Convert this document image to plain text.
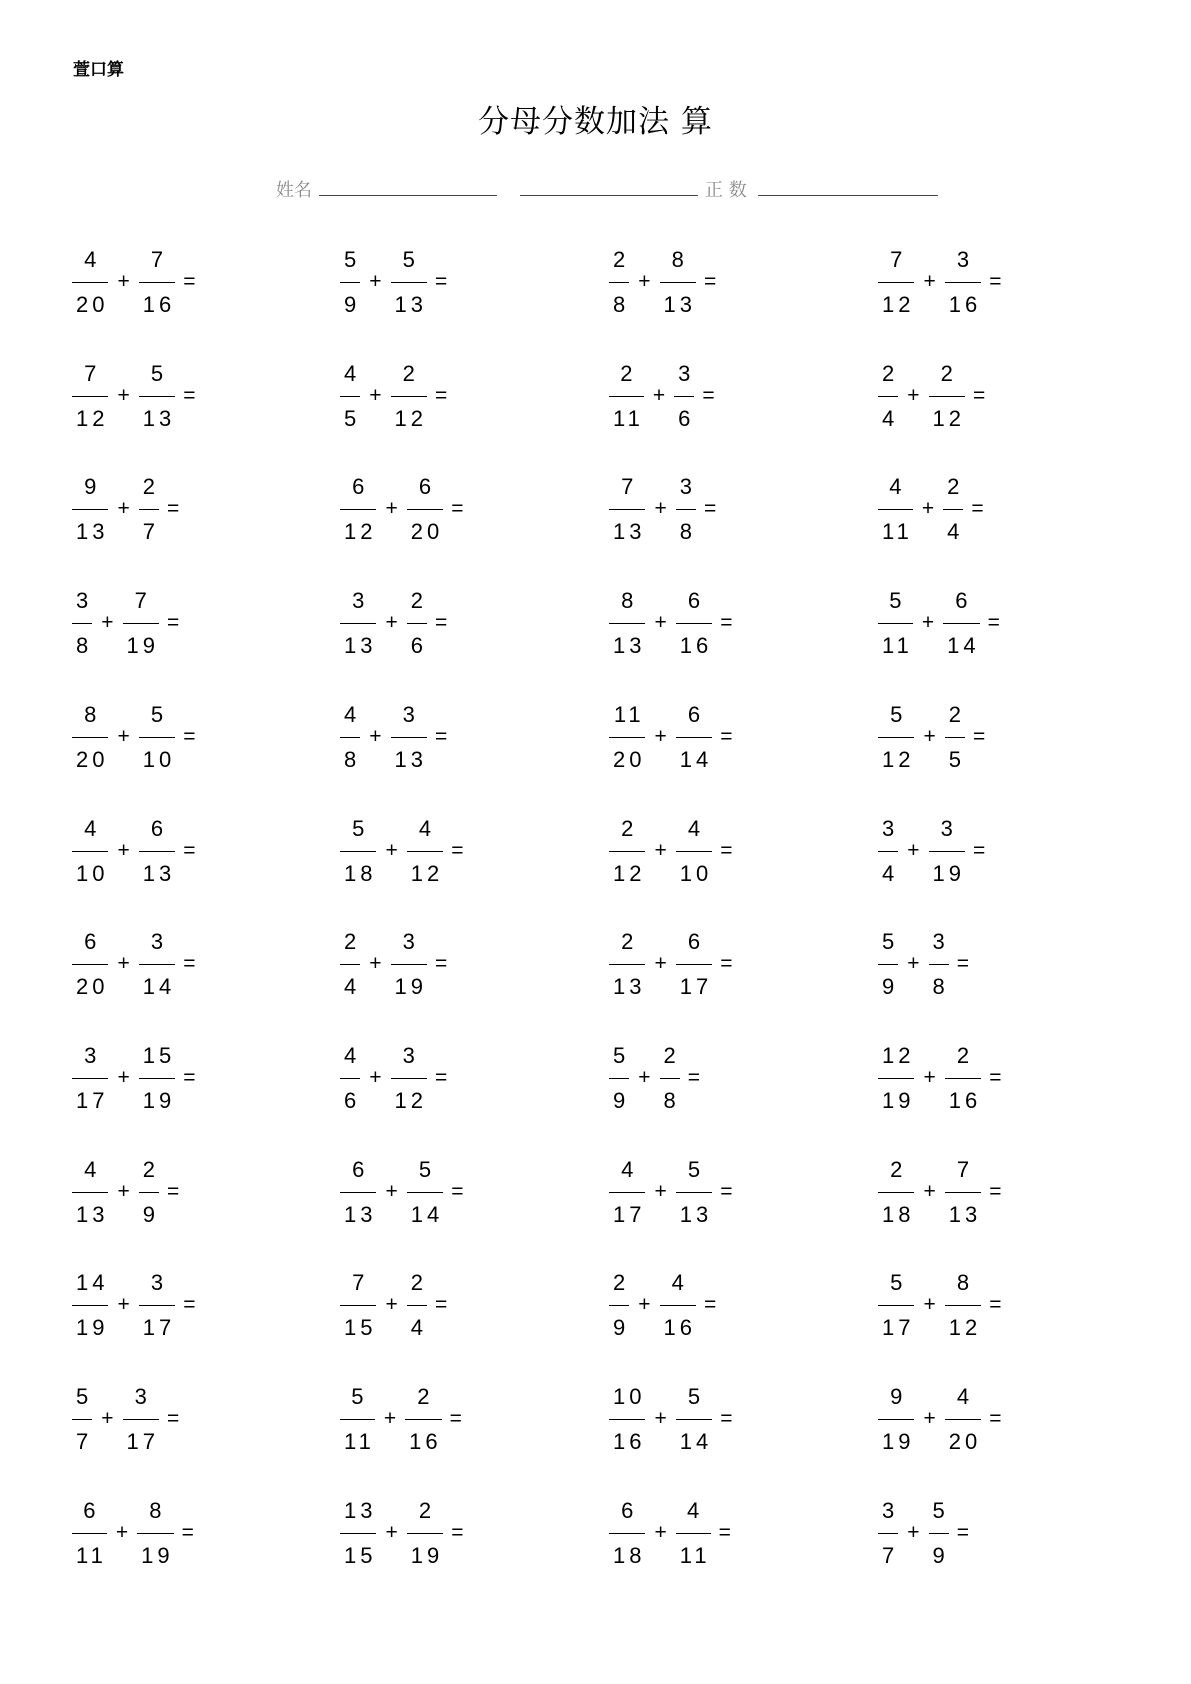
萱口算
分母分数加法 算
姓名	正 数
$\frac{4}{20} + \frac{7}{16}$ =	$\frac{5}{9} + \frac{5}{13}$ =	$\frac{2}{8} + \frac{8}{13}$ =	$\frac{7}{12} + \frac{3}{16}$ =
$\frac{7}{12} + \frac{5}{13}$ =	$\frac{4}{5} + \frac{2}{12}$ =	$\frac{2}{11} + \frac{3}{6}$ =	$\frac{2}{4} + \frac{2}{12}$ =
$\frac{9}{13} + \frac{2}{7}$ =	$\frac{6}{12} + \frac{6}{20}$ =	$\frac{7}{13} + \frac{3}{8}$ =	$\frac{4}{11} + \frac{2}{4}$ =
$\frac{3}{8} + \frac{7}{19}$ =	$\frac{3}{13} + \frac{2}{6}$ =	$\frac{8}{13} + \frac{6}{16}$ =	$\frac{5}{11} + \frac{6}{14}$ =
$\frac{8}{20} + \frac{5}{10}$ =	$\frac{4}{8} + \frac{3}{13}$ =	$\frac{11}{20} + \frac{6}{14}$ =	$\frac{5}{12} + \frac{2}{5}$ =
$\frac{4}{10} + \frac{6}{13}$ =	$\frac{5}{18} + \frac{4}{12}$ =	$\frac{2}{12} + \frac{4}{10}$ =	$\frac{3}{4} + \frac{3}{19}$ =
$\frac{6}{20} + \frac{3}{14}$ =	$\frac{2}{4} + \frac{3}{19}$ =	$\frac{2}{13} + \frac{6}{17}$ =	$\frac{5}{9} + \frac{3}{8}$ =
$\frac{3}{17} + \frac{15}{19}$ =	$\frac{4}{6} + \frac{3}{12}$ =	$\frac{5}{9} + \frac{2}{8}$ =	$\frac{12}{19} + \frac{2}{16}$ =
$\frac{4}{13} + \frac{2}{9}$ =	$\frac{6}{13} + \frac{5}{14}$ =	$\frac{4}{17} + \frac{5}{13}$ =	$\frac{2}{18} + \frac{7}{13}$ =
$\frac{14}{19} + \frac{3}{17}$ =	$\frac{7}{15} + \frac{2}{4}$ =	$\frac{2}{9} + \frac{4}{16}$ =	$\frac{5}{17} + \frac{8}{12}$ =
$\frac{5}{7} + \frac{3}{17}$ =	$\frac{5}{11} + \frac{2}{16}$ =	$\frac{10}{16} + \frac{5}{14}$ =	$\frac{9}{19} + \frac{4}{20}$ =
$\frac{6}{11} + \frac{8}{19}$ =	$\frac{13}{15} + \frac{2}{19}$ =	$\frac{6}{18} + \frac{4}{11}$ =	$\frac{3}{7} + \frac{5}{9}$ =
